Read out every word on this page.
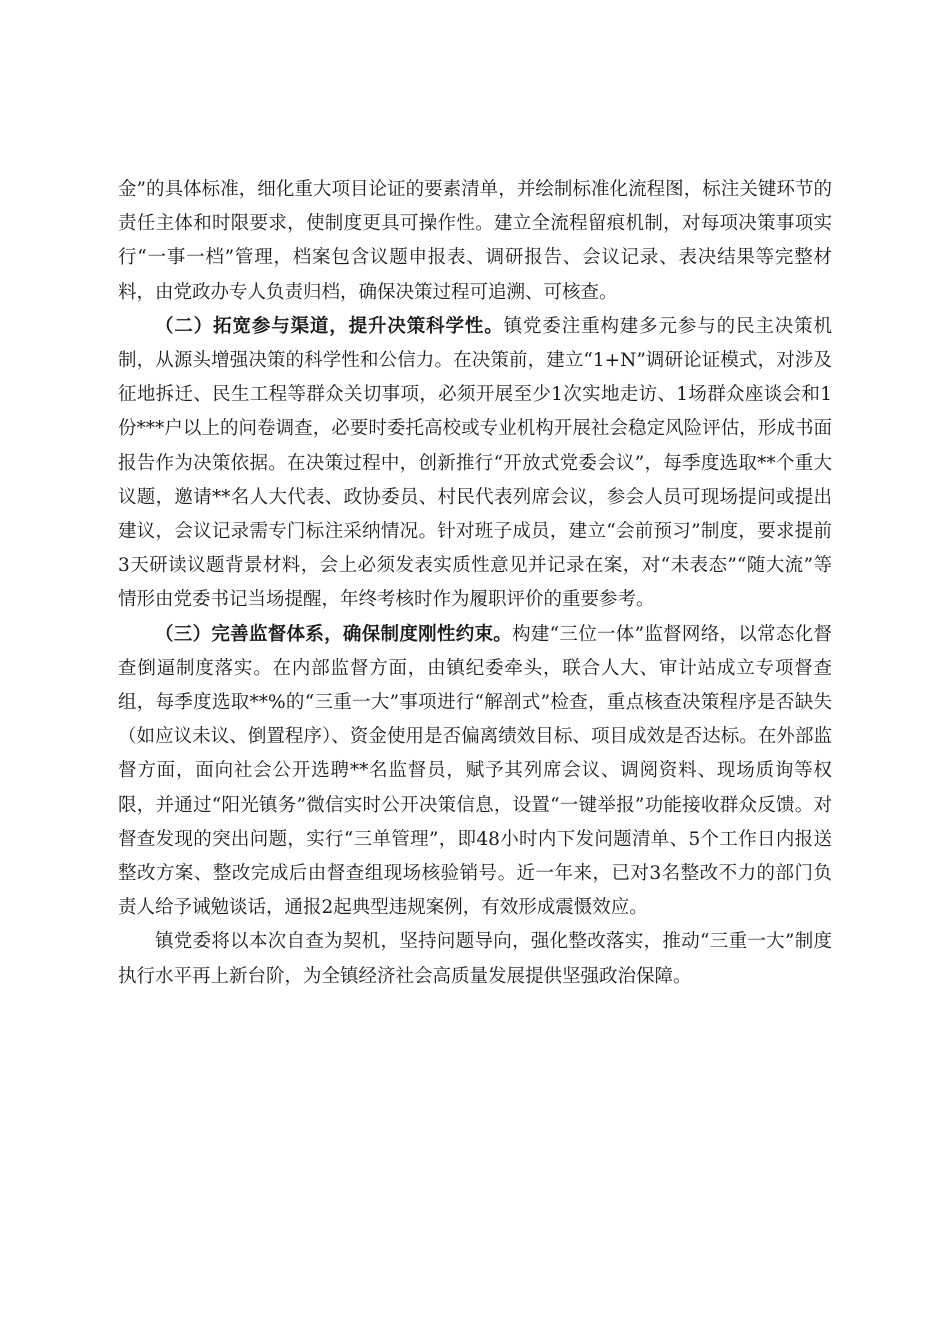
金”的具体标准，细化重大项目论证的要素清单，并绘制标准化流程图，标注关键环节的责任主体和时限要求，使制度更具可操作性。建立全流程留痕机制，对每项决策事项实行“一事一档”管理，档案包含议题申报表、调研报告、会议记录、表决结果等完整材料，由党政办专人负责归档，确保决策过程可追溯、可核查。

（二）拓宽参与渠道，提升决策科学性。镇党委注重构建多元参与的民主决策机制，从源头增强决策的科学性和公信力。在决策前，建立“1+N”调研论证模式，对涉及征地拆迁、民生工程等群众关切事项，必须开展至少1次实地走访、1场群众座谈会和1份***户以上的问卷调查，必要时委托高校或专业机构开展社会稳定风险评估，形成书面报告作为决策依据。在决策过程中，创新推行“开放式党委会议”，每季度选取**个重大议题，邀请**名人大代表、政协委员、村民代表列席会议，参会人员可现场提问或提出建议，会议记录需专门标注采纳情况。针对班子成员，建立“会前预习”制度，要求提前3天研读议题背景材料，会上必须发表实质性意见并记录在案，对“未表态”“随大流”等情形由党委书记当场提醒，年终考核时作为履职评价的重要参考。

（三）完善监督体系，确保制度刚性约束。构建“三位一体”监督网络，以常态化督查倒逼制度落实。在内部监督方面，由镇纪委牵头，联合人大、审计站成立专项督查组，每季度选取**%的“三重一大”事项进行“解剖式”检查，重点核查决策程序是否缺失（如应议未议、倒置程序）、资金使用是否偏离绩效目标、项目成效是否达标。在外部监督方面，面向社会公开选聘**名监督员，赋予其列席会议、调阅资料、现场质询等权限，并通过“阳光镇务”微信实时公开决策信息，设置“一键举报”功能接收群众反馈。对督查发现的突出问题，实行“三单管理”，即48小时内下发问题清单、5个工作日内报送整改方案、整改完成后由督查组现场核验销号。近一年来，已对3名整改不力的部门负责人给予诫勉谈话，通报2起典型违规案例，有效形成震慑效应。

镇党委将以本次自查为契机，坚持问题导向，强化整改落实，推动“三重一大”制度执行水平再上新台阶，为全镇经济社会高质量发展提供坚强政治保障。
